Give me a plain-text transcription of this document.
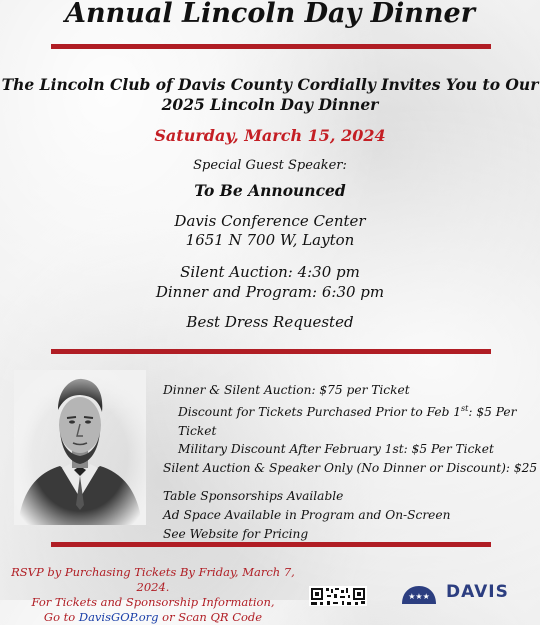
Annual Lincoln Day Dinner
The Lincoln Club of Davis County Cordially Invites You to Our
2025 Lincoln Day Dinner
Saturday, March 15, 2024
Special Guest Speaker:
To Be Announced
Davis Conference Center
1651 N 700 W, Layton
Silent Auction: 4:30 pm
Dinner and Program: 6:30 pm
Best Dress Requested
Dinner & Silent Auction: $75 per Ticket
Discount for Tickets Purchased Prior to Feb 1st: $5 Per Ticket
Military Discount After February 1st: $5 Per Ticket
Silent Auction & Speaker Only (No Dinner or Discount): $25
Table Sponsorships Available
Ad Space Available in Program and On-Screen
See Website for Pricing
RSVP by Purchasing Tickets By Friday, March 7, 2024.
For Tickets and Sponsorship Information,
Go to DavisGOP.org or Scan QR Code
★★★ DAVIS
